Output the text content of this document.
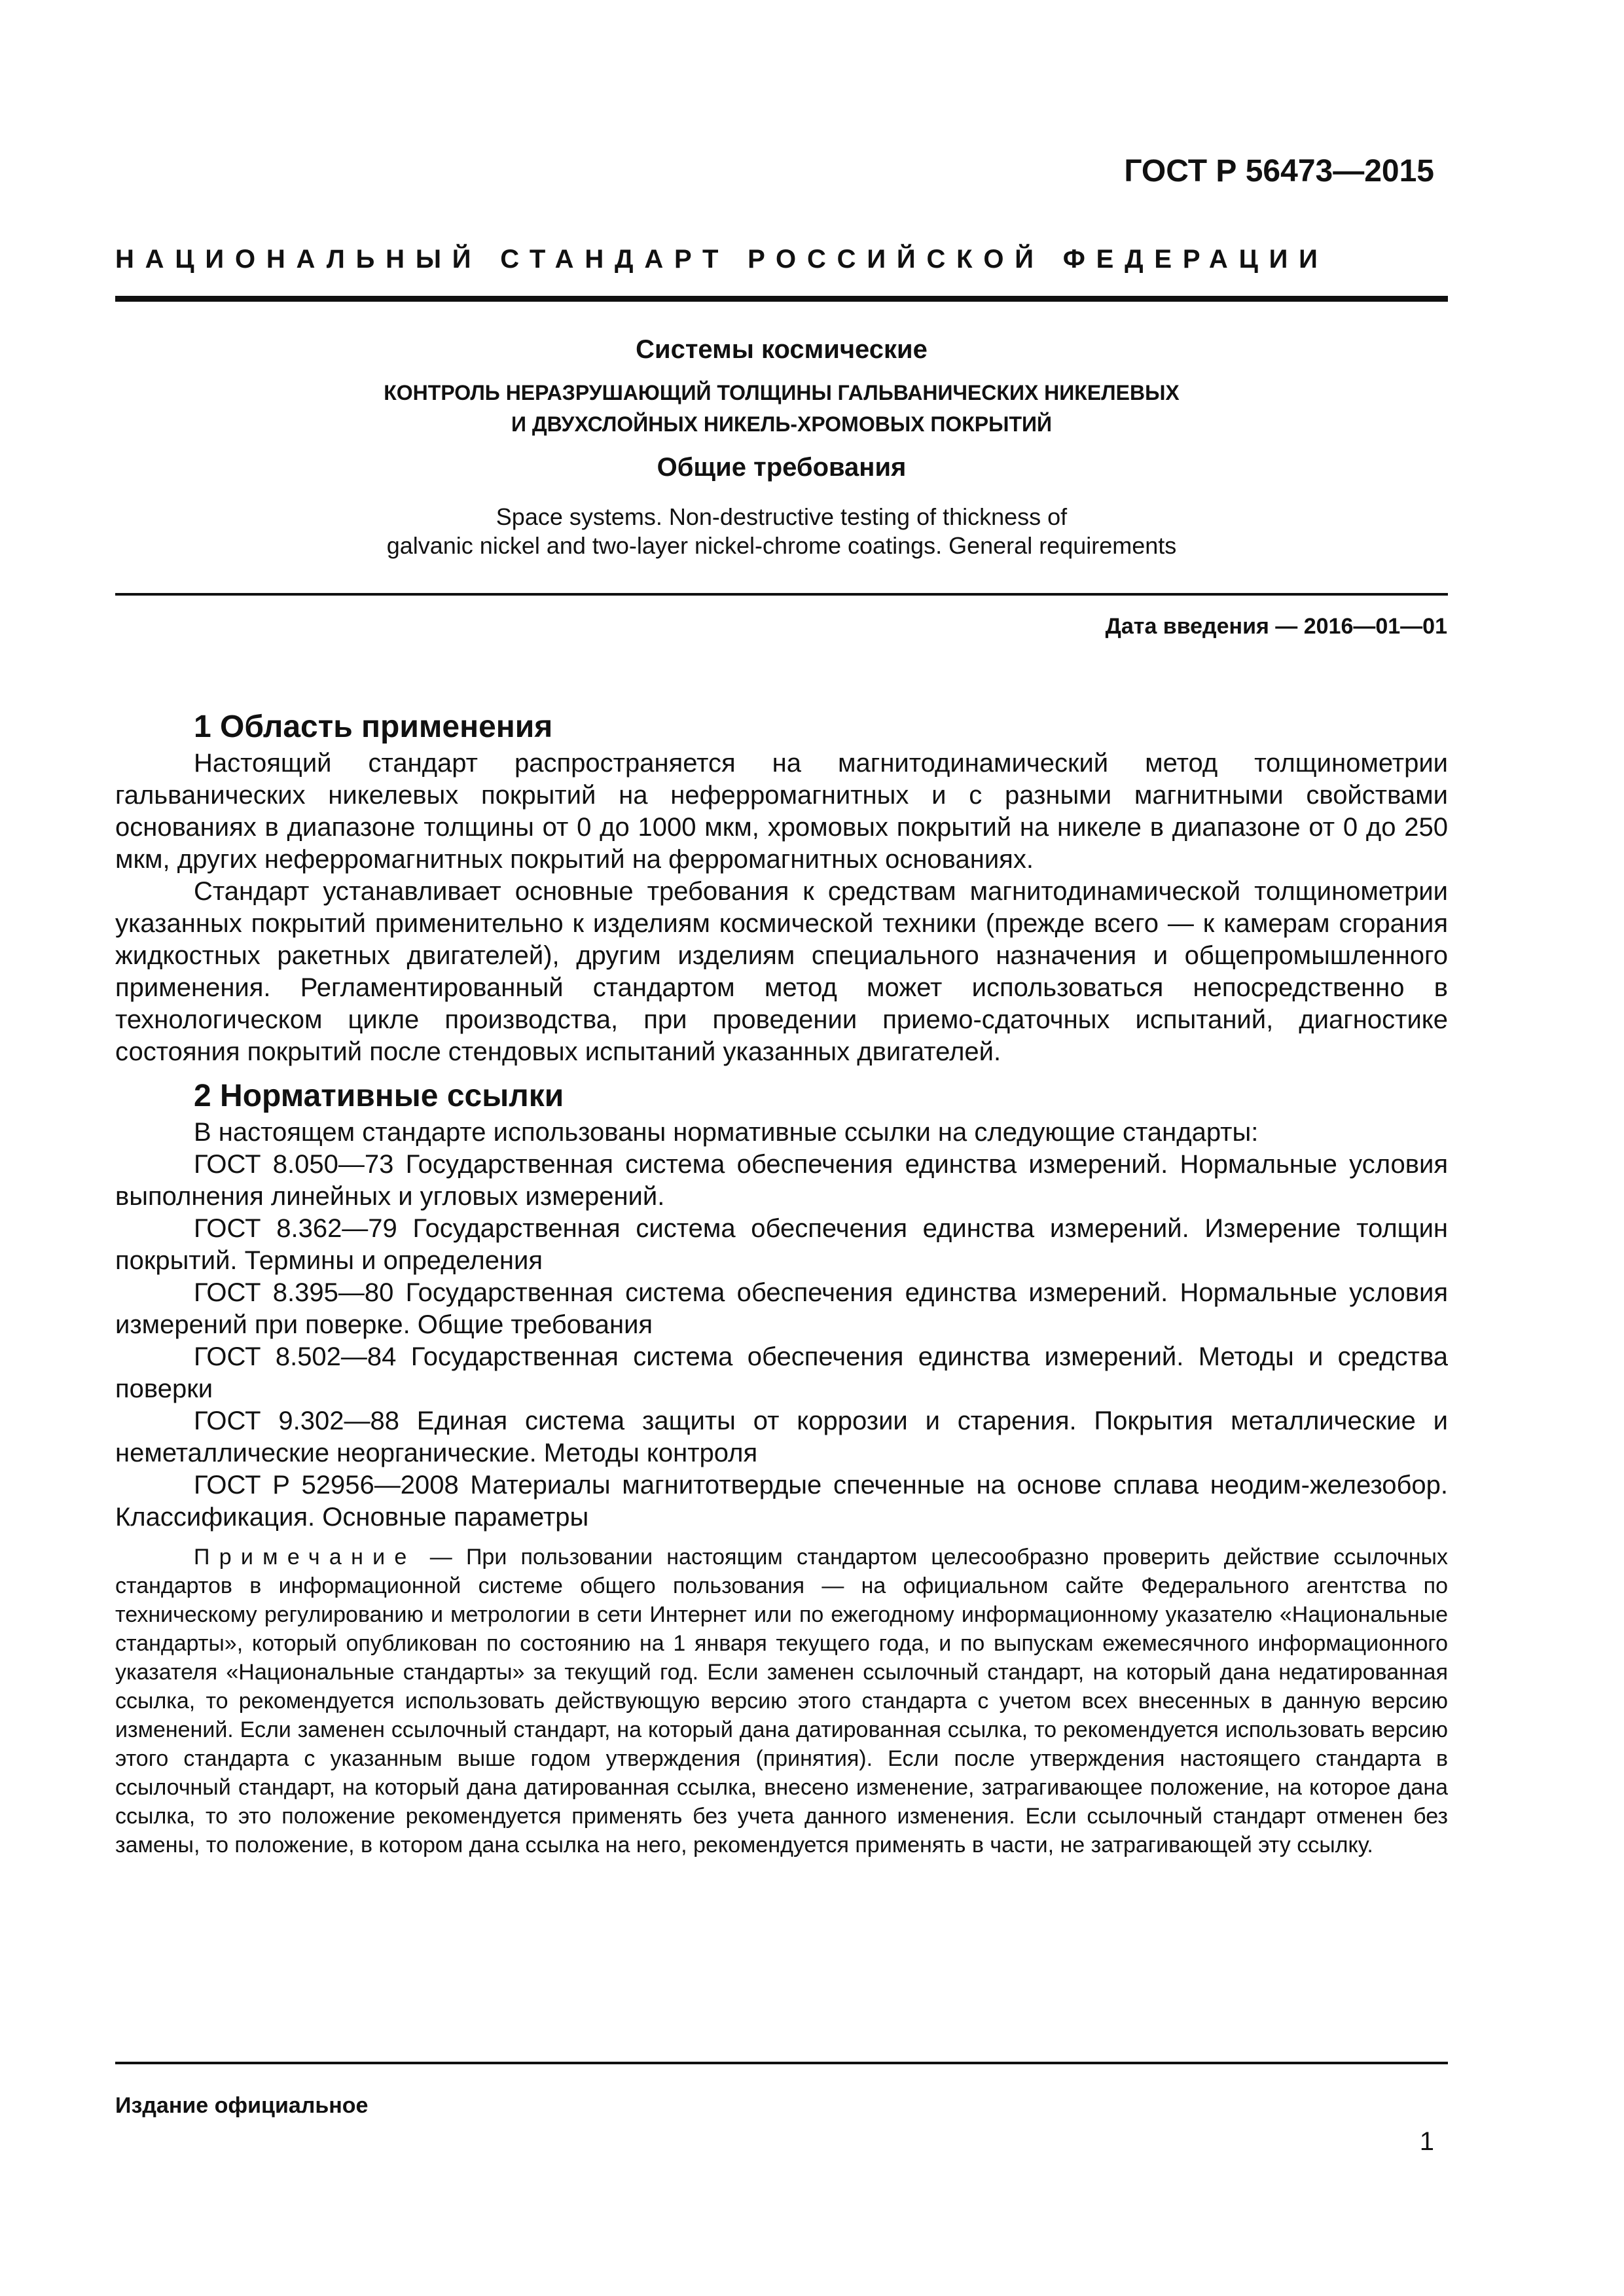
ГОСТ Р 56473—2015
НАЦИОНАЛЬНЫЙ СТАНДАРТ РОССИЙСКОЙ ФЕДЕРАЦИИ
Системы космические
КОНТРОЛЬ НЕРАЗРУШАЮЩИЙ ТОЛЩИНЫ ГАЛЬВАНИЧЕСКИХ НИКЕЛЕВЫХ
И ДВУХСЛОЙНЫХ НИКЕЛЬ-ХРОМОВЫХ ПОКРЫТИЙ
Общие требования
Space systems. Non-destructive testing of thickness of
galvanic nickel and two-layer nickel-chrome coatings. General requirements
Дата введения — 2016—01—01
1 Область применения

Настоящий стандарт распространяется на магнитодинамический метод толщинометрии гальванических никелевых покрытий на неферромагнитных и с разными магнитными свойствами основаниях в диапазоне толщины от 0 до 1000 мкм, хромовых покрытий на никеле в диапазоне от 0 до 250 мкм, других неферромагнитных покрытий на ферромагнитных основаниях.

Стандарт устанавливает основные требования к средствам магнитодинамической толщинометрии указанных покрытий применительно к изделиям космической техники (прежде всего — к камерам сгорания жидкостных ракетных двигателей), другим изделиям специального назначения и общепромышленного применения. Регламентированный стандартом метод может использоваться непосредственно в технологическом цикле производства, при проведении приемо-сдаточных испытаний, диагностике состояния покрытий после стендовых испытаний указанных двигателей.

2 Нормативные ссылки

В настоящем стандарте использованы нормативные ссылки на следующие стандарты:

ГОСТ 8.050—73 Государственная система обеспечения единства измерений. Нормальные условия выполнения линейных и угловых измерений.

ГОСТ 8.362—79 Государственная система обеспечения единства измерений. Измерение толщин покрытий. Термины и определения

ГОСТ 8.395—80 Государственная система обеспечения единства измерений. Нормальные условия измерений при поверке. Общие требования

ГОСТ 8.502—84 Государственная система обеспечения единства измерений. Методы и средства поверки

ГОСТ 9.302—88 Единая система защиты от коррозии и старения. Покрытия металлические и неметаллические неорганические. Методы контроля

ГОСТ Р 52956—2008 Материалы магнитотвердые спеченные на основе сплава неодим-железобор. Классификация. Основные параметры

Примечание — При пользовании настоящим стандартом целесообразно проверить действие ссылочных стандартов в информационной системе общего пользования — на официальном сайте Федерального агентства по техническому регулированию и метрологии в сети Интернет или по ежегодному информационному указателю «Национальные стандарты», который опубликован по состоянию на 1 января текущего года, и по выпускам ежемесячного информационного указателя «Национальные стандарты» за текущий год. Если заменен ссылочный стандарт, на который дана недатированная ссылка, то рекомендуется использовать действующую версию этого стандарта с учетом всех внесенных в данную версию изменений. Если заменен ссылочный стандарт, на который дана датированная ссылка, то рекомендуется использовать версию этого стандарта с указанным выше годом утверждения (принятия). Если после утверждения настоящего стандарта в ссылочный стандарт, на который дана датированная ссылка, внесено изменение, затрагивающее положение, на которое дана ссылка, то это положение рекомендуется применять без учета данного изменения. Если ссылочный стандарт отменен без замены, то положение, в котором дана ссылка на него, рекомендуется применять в части, не затрагивающей эту ссылку.

Издание официальное
1
